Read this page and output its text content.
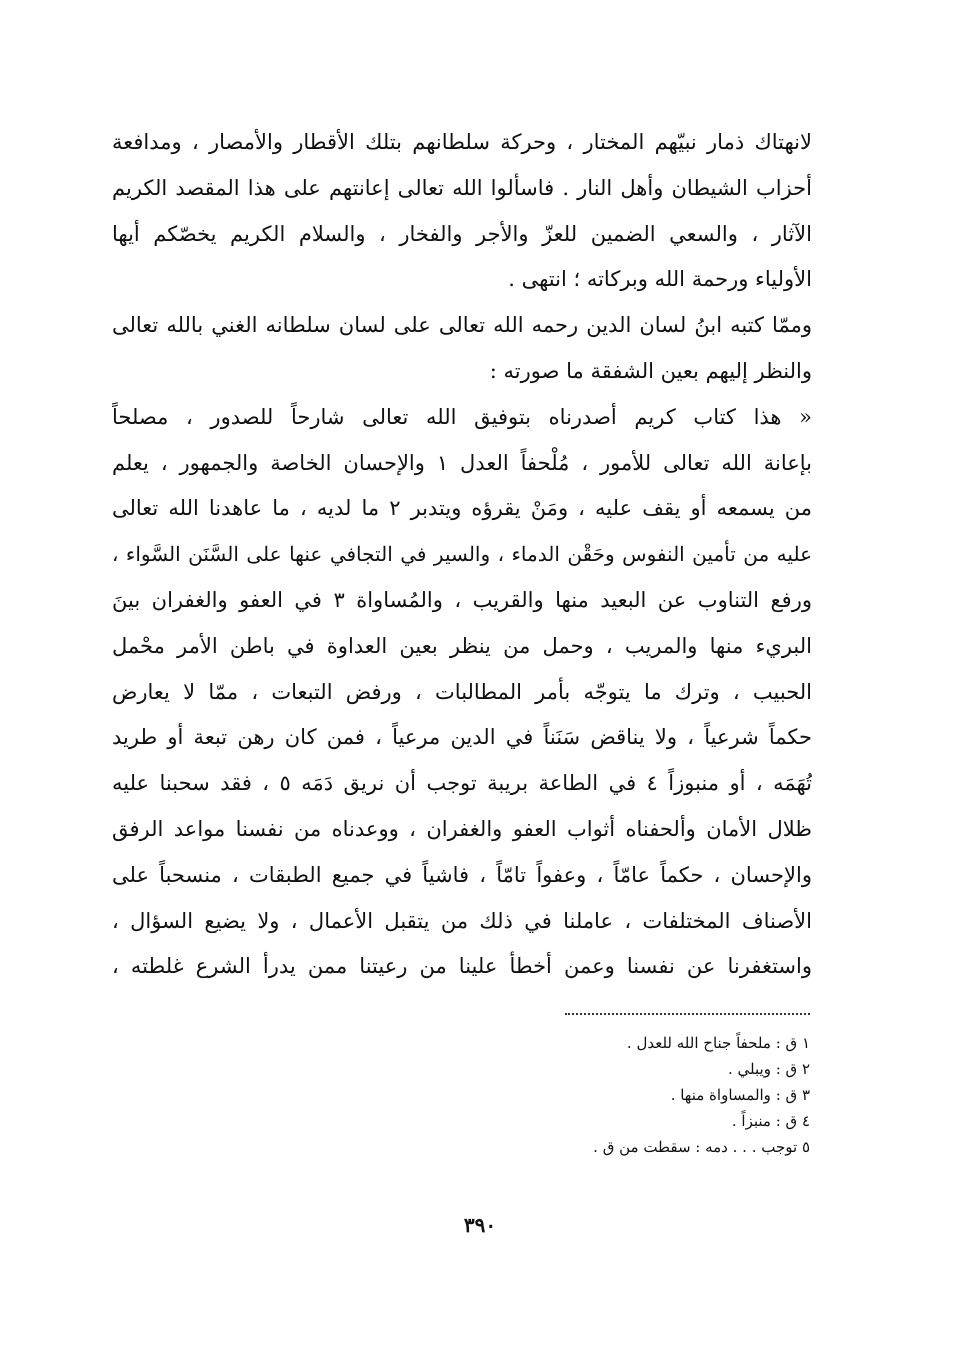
لانهتاك ذمار نبيّهم المختار ، وحركة سلطانهم بتلك الأقطار والأمصار ، ومدافعة
أحزاب الشيطان وأهل النار . فاسألوا الله تعالى إعانتهم على هذا المقصد الكريم
الآثار ، والسعي الضمين للعزّ والأجر والفخار ، والسلام الكريم يخصّكم أيها
الأولياء ورحمة الله وبركاته ؛ انتهى .
وممّا كتبه ابنُ لسان الدين رحمه الله تعالى على لسان سلطانه الغني بالله تعالى
والنظر إليهم بعين الشفقة ما صورته :
« هذا كتاب كريم أصدرناه بتوفيق الله تعالى شارحاً للصدور ، مصلحاً
بإعانة الله تعالى للأمور ، مُلْحفاً العدل ١ والإحسان الخاصة والجمهور ، يعلم
من يسمعه أو يقف عليه ، ومَنْ يقرؤه ويتدبر ٢ ما لديه ، ما عاهدنا الله تعالى
عليه من تأمين النفوس وحَقْن الدماء ، والسير في التجافي عنها على السَّنَن السَّواء ،
ورفع التناوب عن البعيد منها والقريب ، والمُساواة ٣ في العفو والغفران بينَ
البريء منها والمريب ، وحمل من ينظر بعين العداوة في باطن الأمر محْمل
الحبيب ، وترك ما يتوجّه بأمر المطالبات ، ورفض التبعات ، ممّا لا يعارض
حكماً شرعياً ، ولا يناقض سَنَناً في الدين مرعياً ، فمن كان رهن تبعة أو طريد
تُهَمَه ، أو منبوزاً ٤ في الطاعة بريبة توجب أن نريق دَمَه ٥ ، فقد سحبنا عليه
ظلال الأمان وألحفناه أثواب العفو والغفران ، ووعدناه من نفسنا مواعد الرفق
والإحسان ، حكماً عامّاً ، وعفواً تامّاً ، فاشياً في جميع الطبقات ، منسحباً على
الأصناف المختلفات ، عاملنا في ذلك من يتقبل الأعمال ، ولا يضيع السؤال ،
واستغفرنا عن نفسنا وعمن أخطأ علينا من رعيتنا ممن يدرأ الشرع غلطته ،
١ ق : ملحفاً جناح الله للعدل .
٢ ق : ويبلي .
٣ ق : والمساواة منها .
٤ ق : منبزاً .
٥ توجب . . . دمه : سقطت من ق .
٣٩٠
